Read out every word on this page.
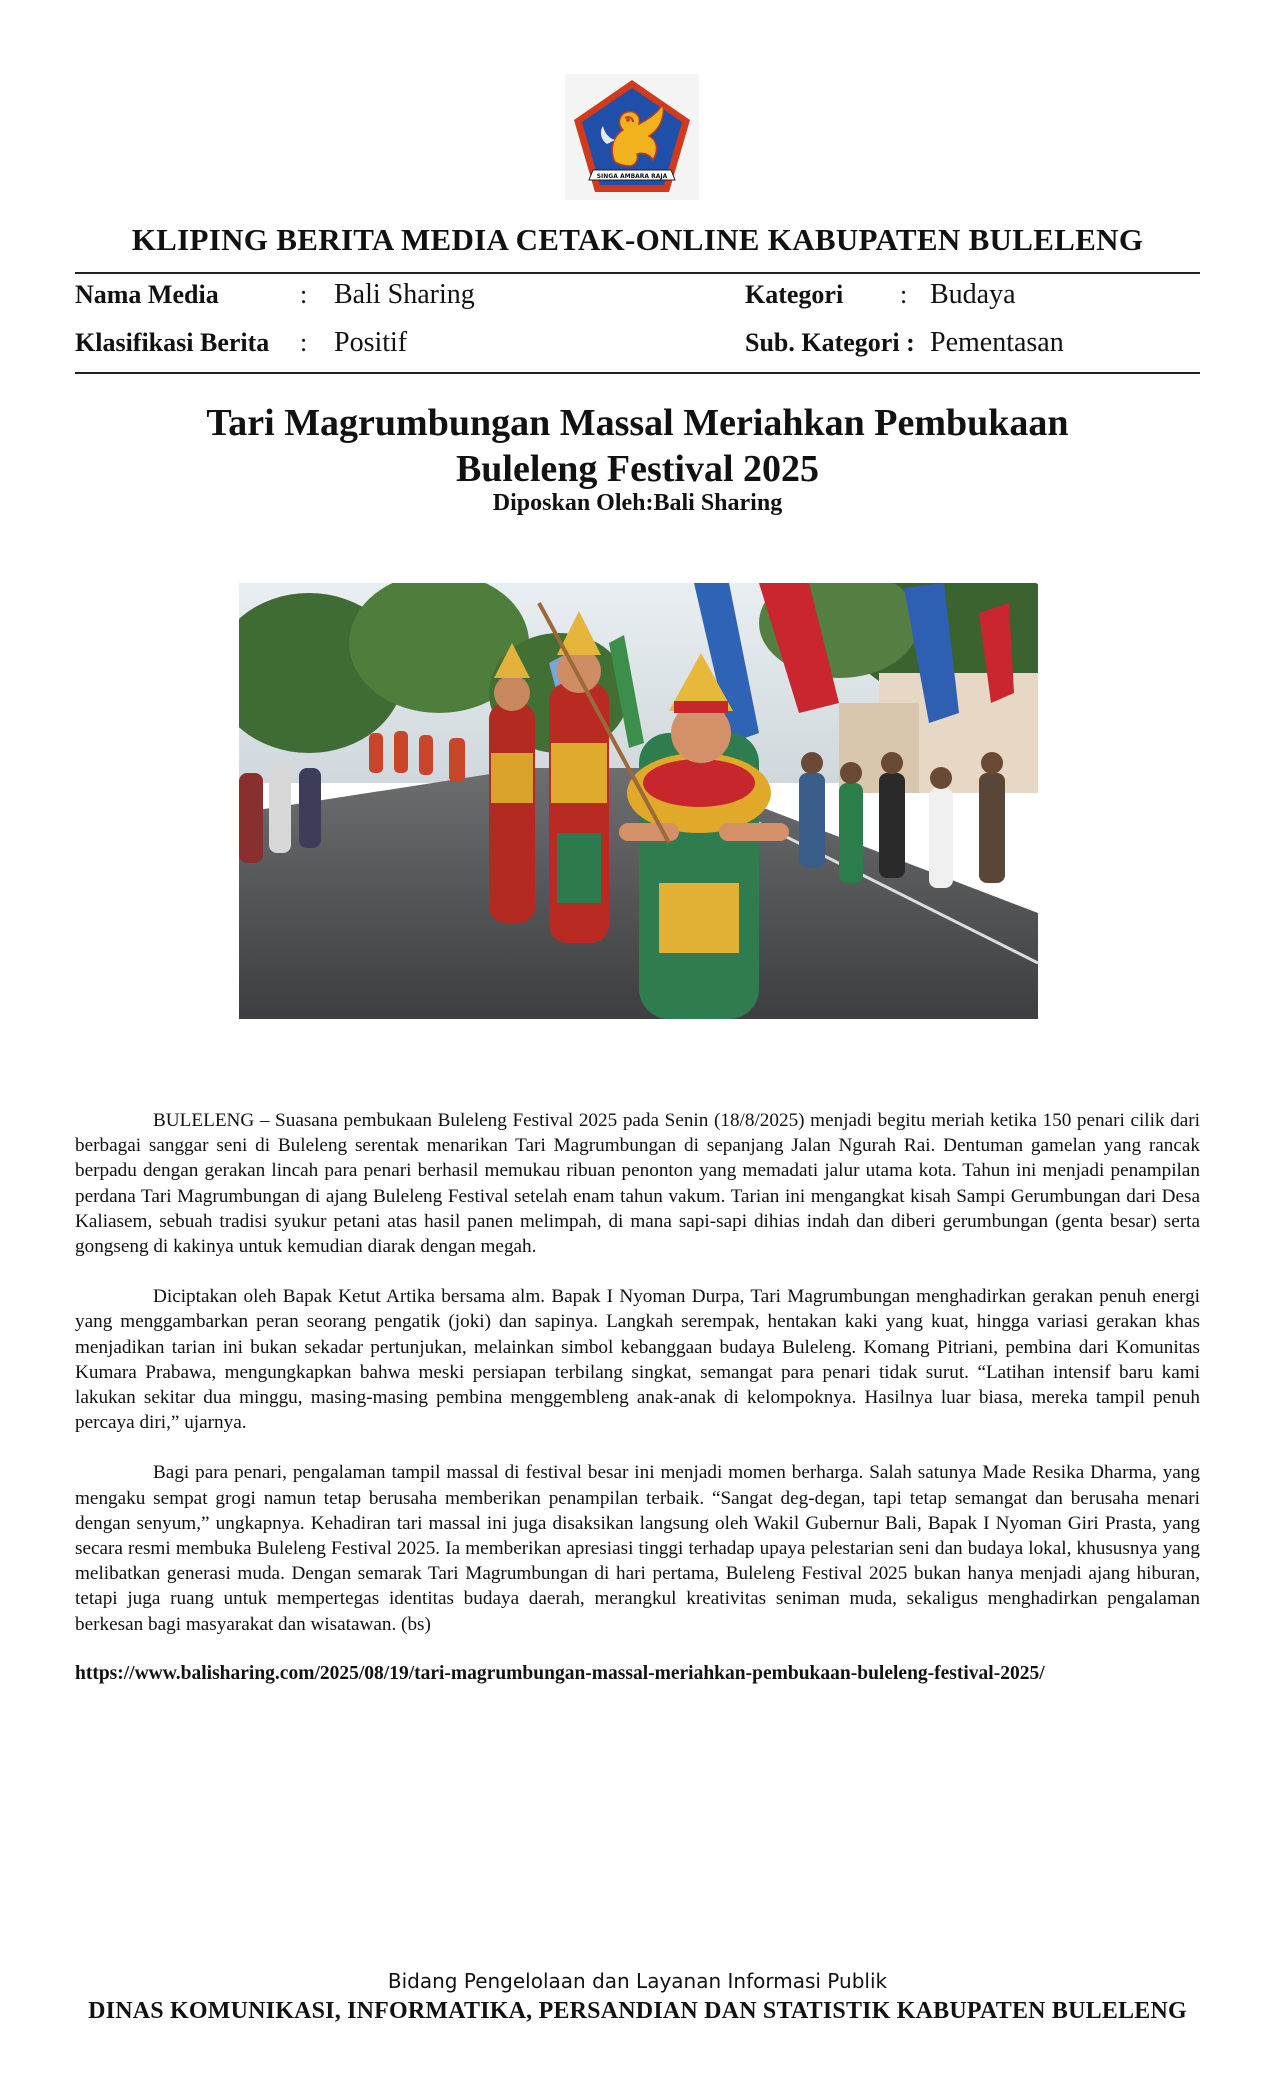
SINGA AMBARA RAJA
KLIPING BERITA MEDIA CETAK-ONLINE KABUPATEN BULELENG
Nama Media	: Bali Sharing
Klasifikasi Berita : Positif
Kategori : Budaya
Sub. Kategori : Pementasan
Tari Magrumbungan Massal Meriahkan Pembukaan
Buleleng Festival 2025
Diposkan Oleh:Bali Sharing

BULELENG – Suasana pembukaan Buleleng Festival 2025 pada Senin (18/8/2025) menjadi begitu meriah ketika 150 penari cilik dari berbagai sanggar seni di Buleleng serentak menarikan Tari Magrumbungan di sepanjang Jalan Ngurah Rai. Dentuman gamelan yang rancak berpadu dengan gerakan lincah para penari berhasil memukau ribuan penonton yang memadati jalur utama kota. Tahun ini menjadi penampilan perdana Tari Magrumbungan di ajang Buleleng Festival setelah enam tahun vakum. Tarian ini mengangkat kisah Sampi Gerumbungan dari Desa Kaliasem, sebuah tradisi syukur petani atas hasil panen melimpah, di mana sapi-sapi dihias indah dan diberi gerumbungan (genta besar) serta gongseng di kakinya untuk kemudian diarak dengan megah.

Diciptakan oleh Bapak Ketut Artika bersama alm. Bapak I Nyoman Durpa, Tari Magrumbungan menghadirkan gerakan penuh energi yang menggambarkan peran seorang pengatik (joki) dan sapinya. Langkah serempak, hentakan kaki yang kuat, hingga variasi gerakan khas menjadikan tarian ini bukan sekadar pertunjukan, melainkan simbol kebanggaan budaya Buleleng. Komang Pitriani, pembina dari Komunitas Kumara Prabawa, mengungkapkan bahwa meski persiapan terbilang singkat, semangat para penari tidak surut. “Latihan intensif baru kami lakukan sekitar dua minggu, masing-masing pembina menggembleng anak-anak di kelompoknya. Hasilnya luar biasa, mereka tampil penuh percaya diri,” ujarnya.

Bagi para penari, pengalaman tampil massal di festival besar ini menjadi momen berharga. Salah satunya Made Resika Dharma, yang mengaku sempat grogi namun tetap berusaha memberikan penampilan terbaik. “Sangat deg-degan, tapi tetap semangat dan berusaha menari dengan senyum,” ungkapnya. Kehadiran tari massal ini juga disaksikan langsung oleh Wakil Gubernur Bali, Bapak I Nyoman Giri Prasta, yang secara resmi membuka Buleleng Festival 2025. Ia memberikan apresiasi tinggi terhadap upaya pelestarian seni dan budaya lokal, khususnya yang melibatkan generasi muda. Dengan semarak Tari Magrumbungan di hari pertama, Buleleng Festival 2025 bukan hanya menjadi ajang hiburan, tetapi juga ruang untuk mempertegas identitas budaya daerah, merangkul kreativitas seniman muda, sekaligus menghadirkan pengalaman berkesan bagi masyarakat dan wisatawan. (bs)

https://www.balisharing.com/2025/08/19/tari-magrumbungan-massal-meriahkan-pembukaan-buleleng-festival-2025/
Bidang Pengelolaan dan Layanan Informasi Publik
DINAS KOMUNIKASI, INFORMATIKA, PERSANDIAN DAN STATISTIK KABUPATEN BULELENG
